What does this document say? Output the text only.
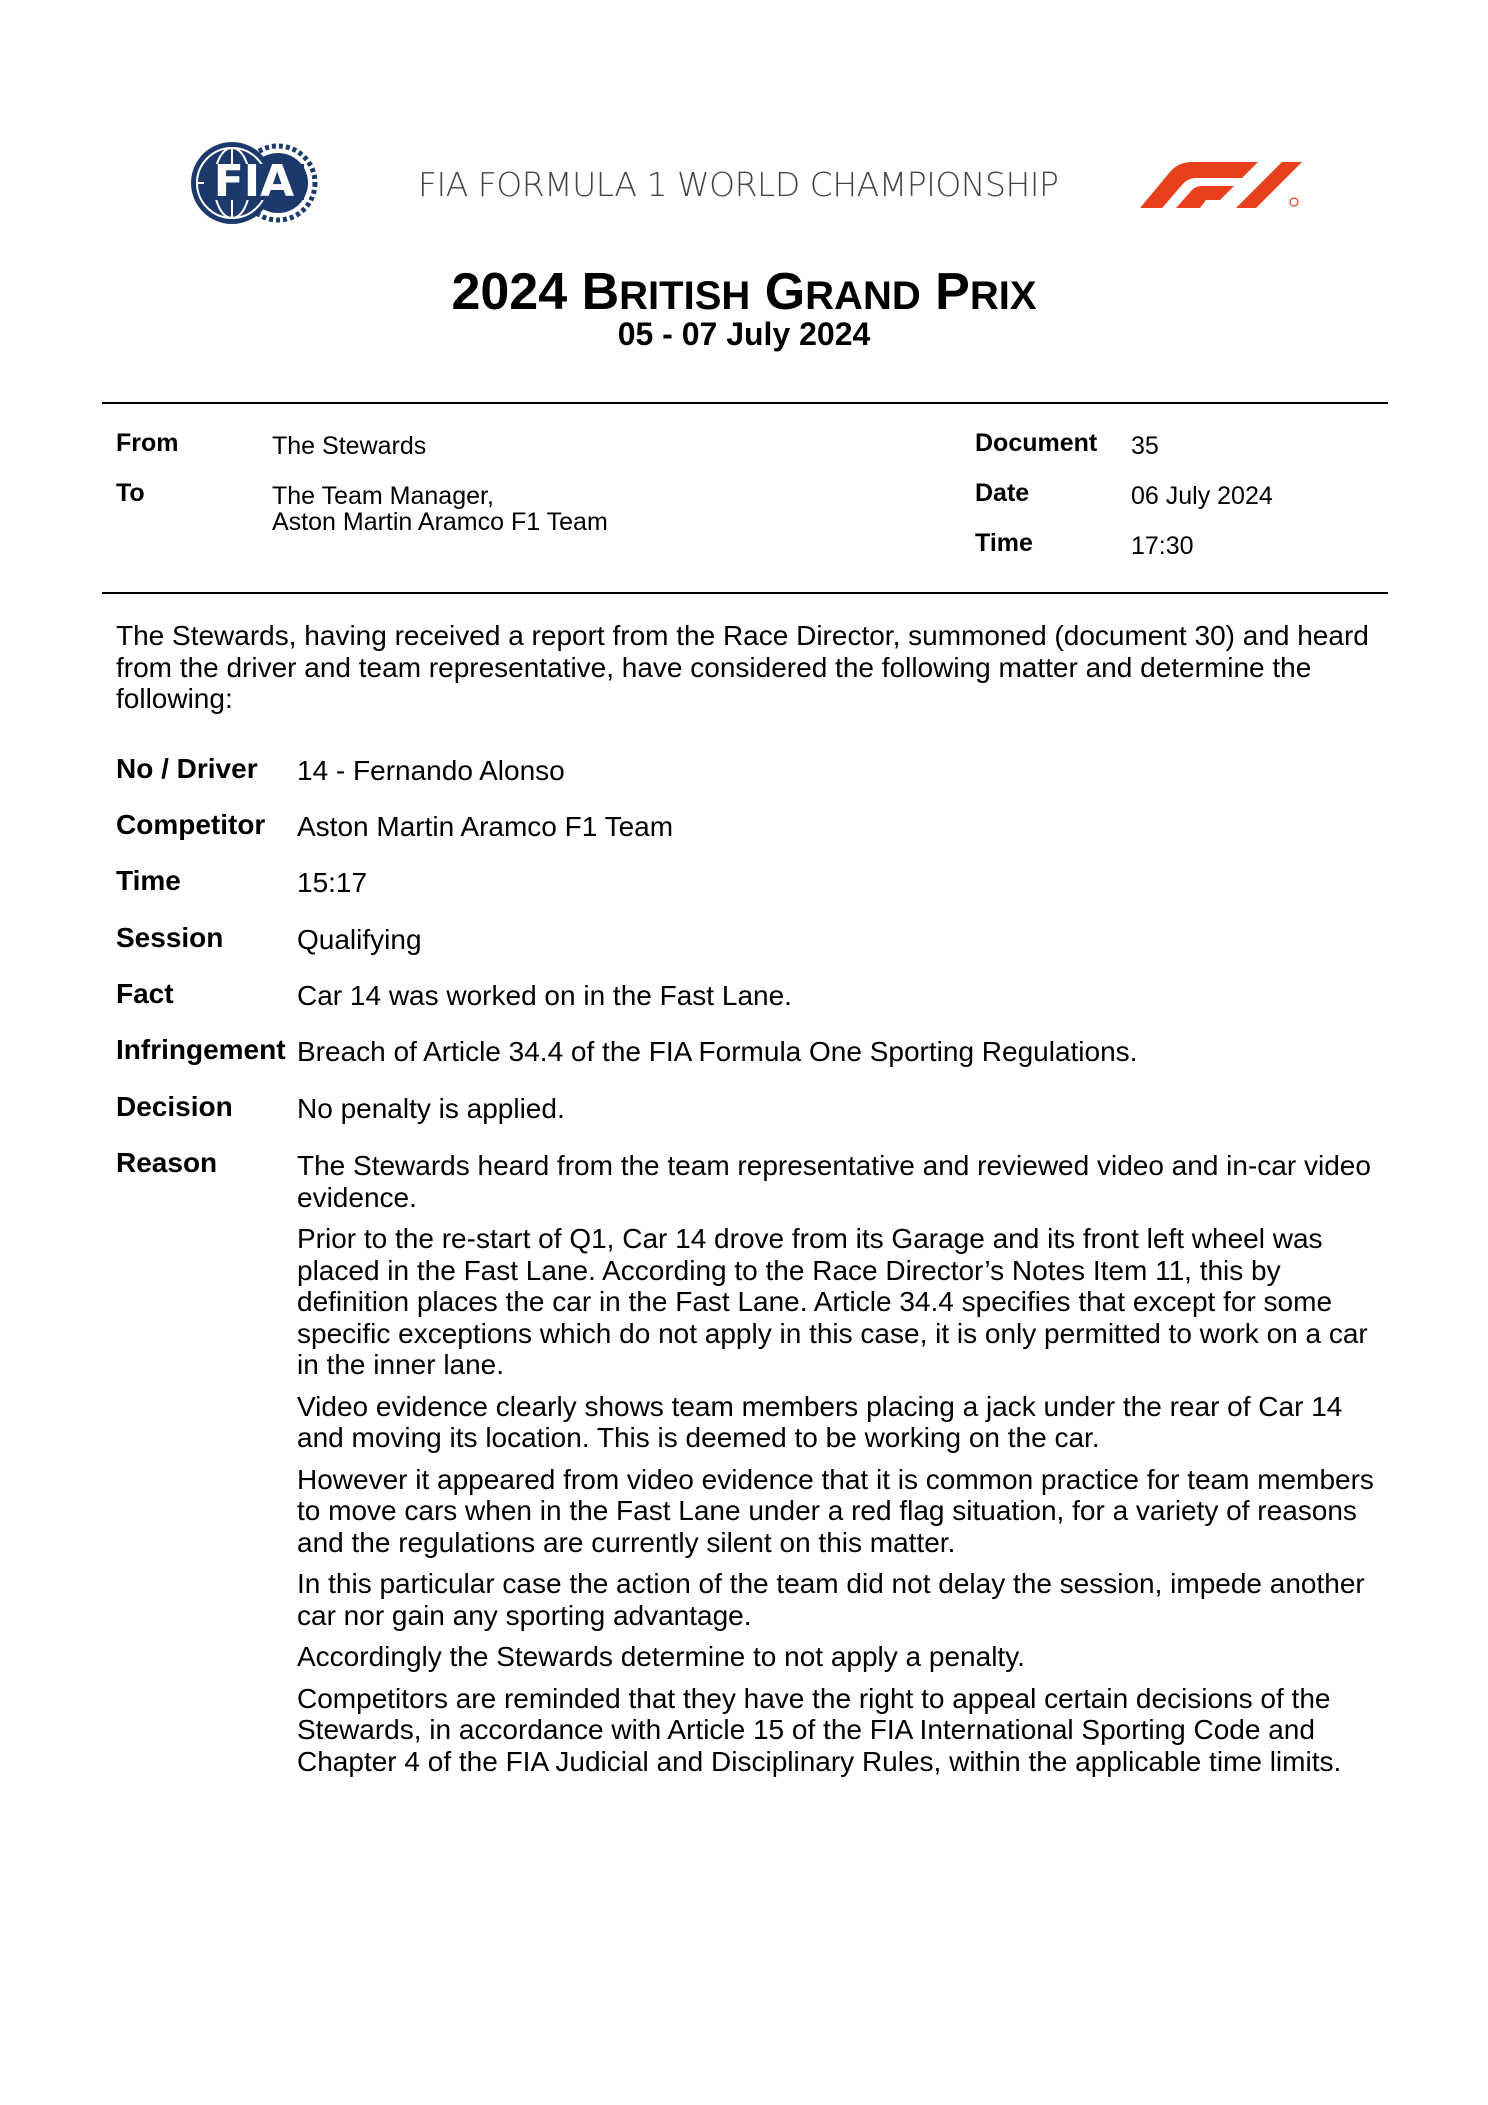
FIA	FIA FORMULA 1 WORLD CHAMPIONSHIP
2024 BRITISH GRAND PRIX
05 - 07 July 2024
From	The Stewards
To	The Team Manager,
Aston Martin Aramco F1 Team
Document 35
Date	06 July 2024
Time	17:30
The Stewards, having received a report from the Race Director, summoned (document 30) and heard from the driver and team representative, have considered the following matter and determine the following:
No / Driver 14 - Fernando Alonso
Competitor Aston Martin Aramco F1 Team
Time	15:17
Session	Qualifying
Fact	Car 14 was worked on in the Fast Lane.
Infringement Breach of Article 34.4 of the FIA Formula One Sporting Regulations.
Decision No penalty is applied.
Reason	The Stewards heard from the team representative and reviewed video and in-car video evidence.

Prior to the re-start of Q1, Car 14 drove from its Garage and its front left wheel was placed in the Fast Lane. According to the Race Director’s Notes Item 11, this by definition places the car in the Fast Lane. Article 34.4 specifies that except for some specific exceptions which do not apply in this case, it is only permitted to work on a car in the inner lane.

Video evidence clearly shows team members placing a jack under the rear of Car 14 and moving its location. This is deemed to be working on the car.

However it appeared from video evidence that it is common practice for team members to move cars when in the Fast Lane under a red flag situation, for a variety of reasons and the regulations are currently silent on this matter.

In this particular case the action of the team did not delay the session, impede another car nor gain any sporting advantage.

Accordingly the Stewards determine to not apply a penalty.

Competitors are reminded that they have the right to appeal certain decisions of the Stewards, in accordance with Article 15 of the FIA International Sporting Code and Chapter 4 of the FIA Judicial and Disciplinary Rules, within the applicable time limits.
